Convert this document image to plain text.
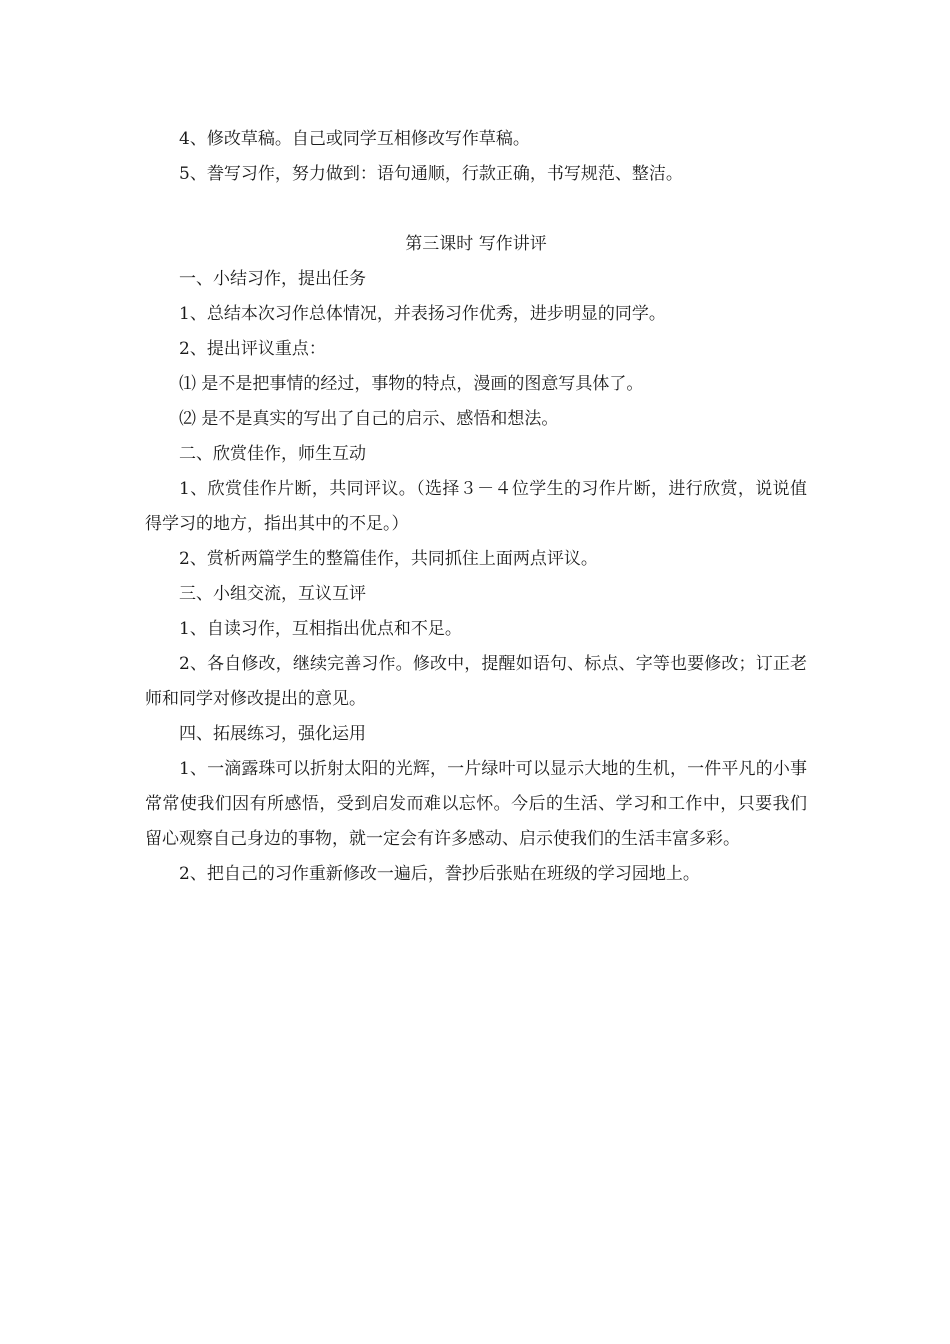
4、修改草稿。自己或同学互相修改写作草稿。
5、誊写习作，努力做到：语句通顺，行款正确，书写规范、整洁。
第三课时 写作讲评

一、小结习作，提出任务

1、总结本次习作总体情况，并表扬习作优秀，进步明显的同学。

2、提出评议重点：

⑴ 是不是把事情的经过，事物的特点，漫画的图意写具体了。

⑵ 是不是真实的写出了自己的启示、感悟和想法。

二、欣赏佳作，师生互动

1、欣赏佳作片断，共同评议。（选择３－４位学生的习作片断，进行欣赏，说说值得学习的地方，指出其中的不足。）

2、赏析两篇学生的整篇佳作，共同抓住上面两点评议。

三、小组交流，互议互评

1、自读习作，互相指出优点和不足。

2、各自修改，继续完善习作。修改中，提醒如语句、标点、字等也要修改；订正老师和同学对修改提出的意见。

四、拓展练习，强化运用

1、一滴露珠可以折射太阳的光辉，一片绿叶可以显示大地的生机，一件平凡的小事常常使我们因有所感悟，受到启发而难以忘怀。今后的生活、学习和工作中，只要我们留心观察自己身边的事物，就一定会有许多感动、启示使我们的生活丰富多彩。

2、把自己的习作重新修改一遍后，誊抄后张贴在班级的学习园地上。
